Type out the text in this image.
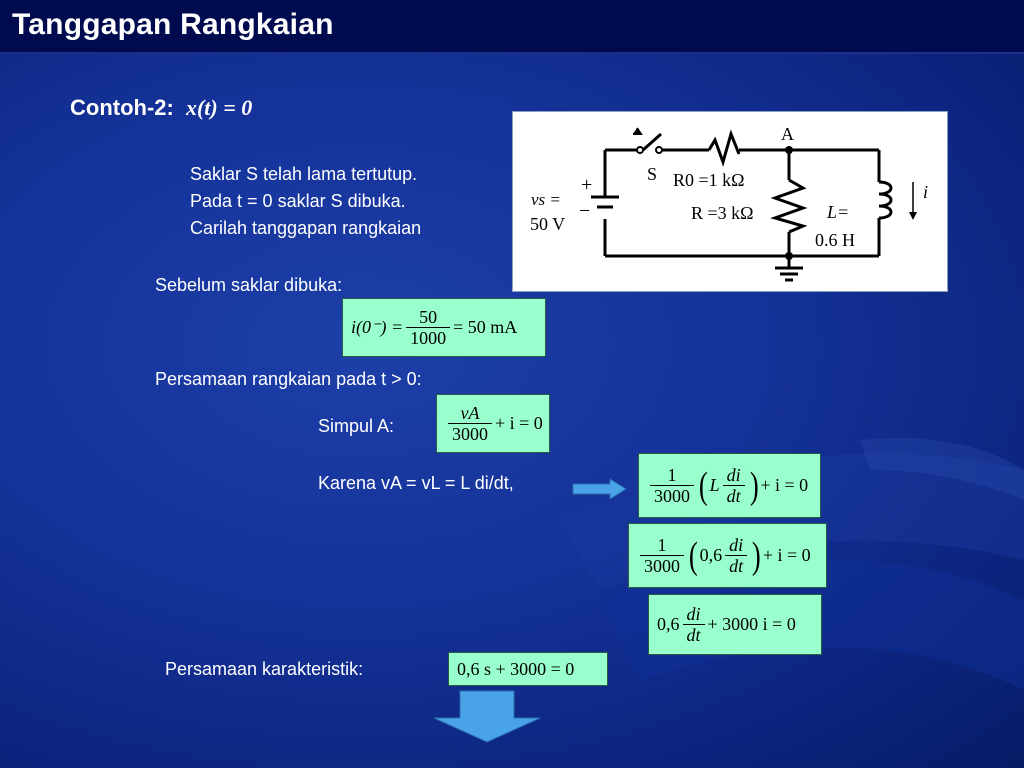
Tanggapan Rangkaian
Contoh-2: x(t) = 0
Saklar S telah lama tertutup.
Pada t = 0 saklar S dibuka.
Carilah tanggapan rangkaian
A
S
+
−
vs =
50 V
R0 =1 kΩ
R =3 kΩ	L=
0.6 H
i
Sebelum saklar dibuka:
$i(0^-) = \frac{50}{1000} = 50$ mA
Persamaan rangkaian pada t > 0:
Simpul A:	$\frac{vA}{3000} + i = 0$
Karena vA = vL = L di/dt,	$\frac{1}{3000}$ ( L $\frac{di}{dt}$ ) + i = 0
$\frac{1}{3000}$ ( $0,6 \frac{di}{dt}$ ) + i = 0
$0,6 \frac{di}{dt} + 3000$ i = 0
Persamaan karakteristik:	0,6 s + 3000 = 0
